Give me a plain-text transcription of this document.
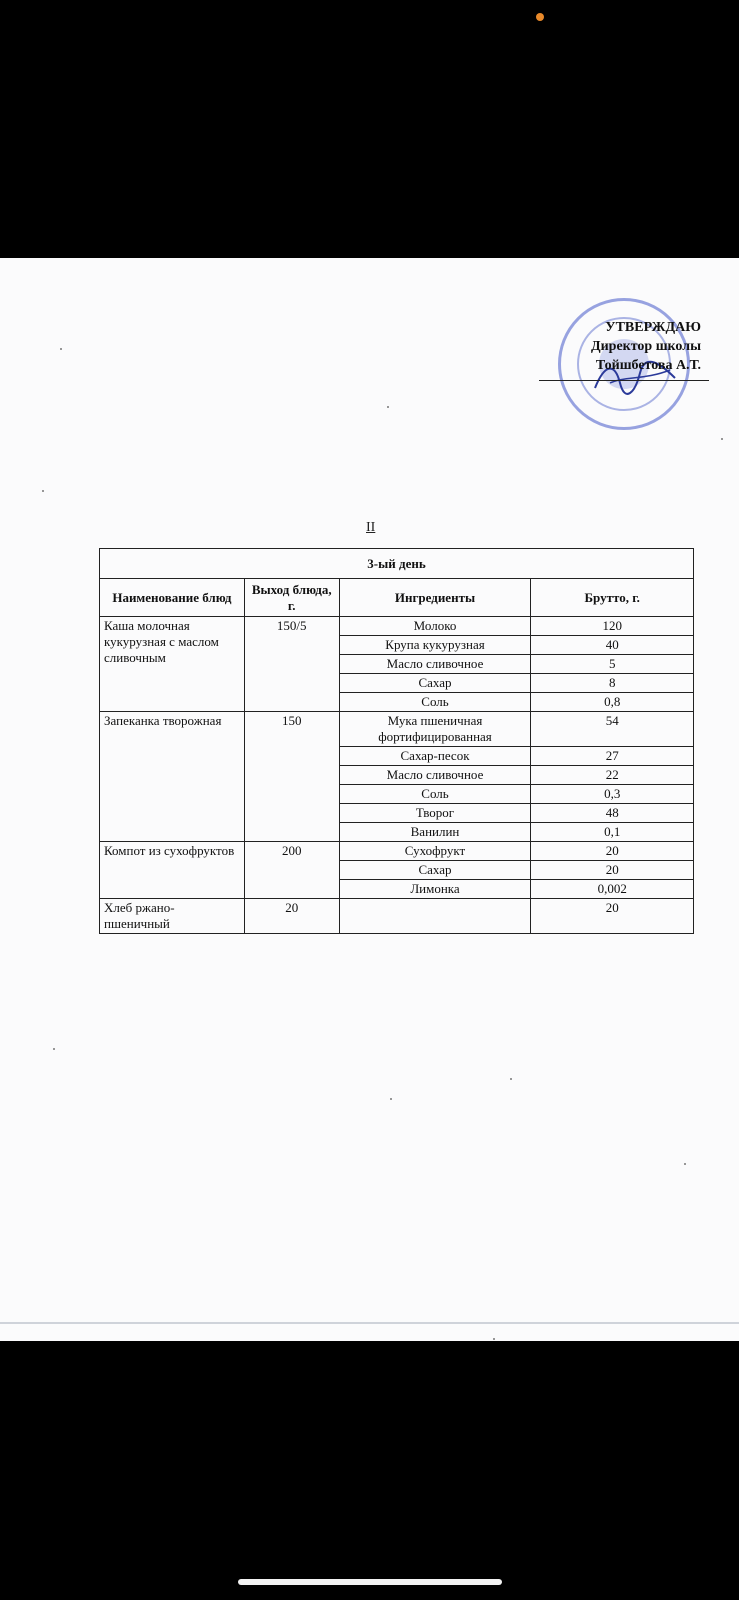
УТВЕРЖДАЮ
Директор школы
Тойшбетова А.Т.
II
3-ый день			
Наименование блюд	Выход блюда, г.	Ингредиенты	Брутто, г.
Каша молочная кукурузная с маслом сливочным	150/5	Молоко	120
		Крупа кукурузная	40
		Масло сливочное	5
		Сахар	8
		Соль	0,8
Запеканка творожная	150	Мука пшеничная фортифицированная	54
		Сахар-песок	27
		Масло сливочное	22
		Соль	0,3
		Творог	48
		Ванилин	0,1
Компот из сухофруктов	200	Сухофрукт	20
		Сахар	20
		Лимонка	0,002
Хлеб ржано-пшеничный	20		20
